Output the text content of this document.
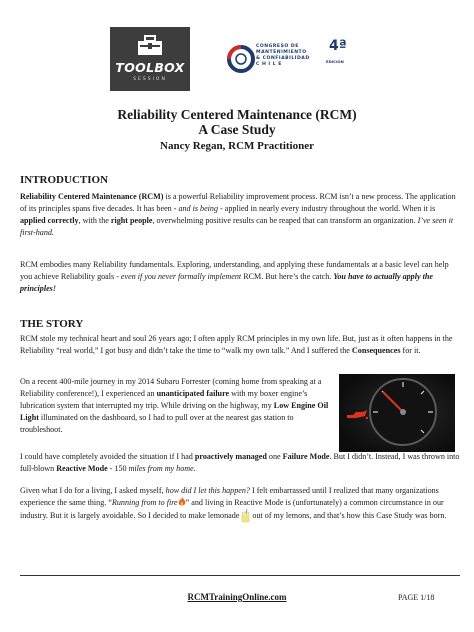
TOOLBOX
SESSION
CONGRESO DE
MANTENIMIENTO
& CONFIABILIDAD
C H I L E
4ª
EDICIÓN
Reliability Centered Maintenance (RCM)
A Case Study
Nancy Regan, RCM Practitioner
INTRODUCTION

Reliability Centered Maintenance (RCM) is a powerful Reliability improvement process. RCM isn’t a new process. The application of its principles spans five decades. It has been - and is being - applied in nearly every industry throughout the world. When it is applied correctly, with the right people, overwhelming positive results can be reaped that can transform an organization. I’ve seen it first-hand.

RCM embodies many Reliability fundamentals. Exploring, understanding, and applying these fundamentals at a basic level can help you achieve Reliability goals - even if you never formally implement RCM. But here’s the catch. You have to actually apply the principles!

THE STORY

RCM stole my technical heart and soul 26 years ago; I often apply RCM principles in my own life. But, just as it often happens in the Reliability “real world,” I got busy and didn’t take the time to “walk my own talk.” And I suffered the Consequences for it.

On a recent 400-mile journey in my 2014 Subaru Forrester (coming home from speaking at a Reliability conference!), I experienced an unanticipated failure with my boxer engine’s lubrication system that interrupted my trip. While driving on the highway, my Low Engine Oil Light illuminated on the dashboard, so I had to pull over at the nearest gas station to troubleshoot.

I could have completely avoided the situation if I had proactively managed one Failure Mode. But I didn’t. Instead, I was thrown into full-blown Reactive Mode - 150 miles from my home.

Given what I do for a living, I asked myself, how did I let this happen? I felt embarrassed until I realized that many organizations experience the same thing. “Running from to fire ” and living in Reactive Mode is (unfortunately) a common circumstance in our industry. But it is largely avoidable. So I decided to make lemonade  out of my lemons, and that’s how this Case Study was born.

RCMTrainingOnline.com	PAGE 1/18
